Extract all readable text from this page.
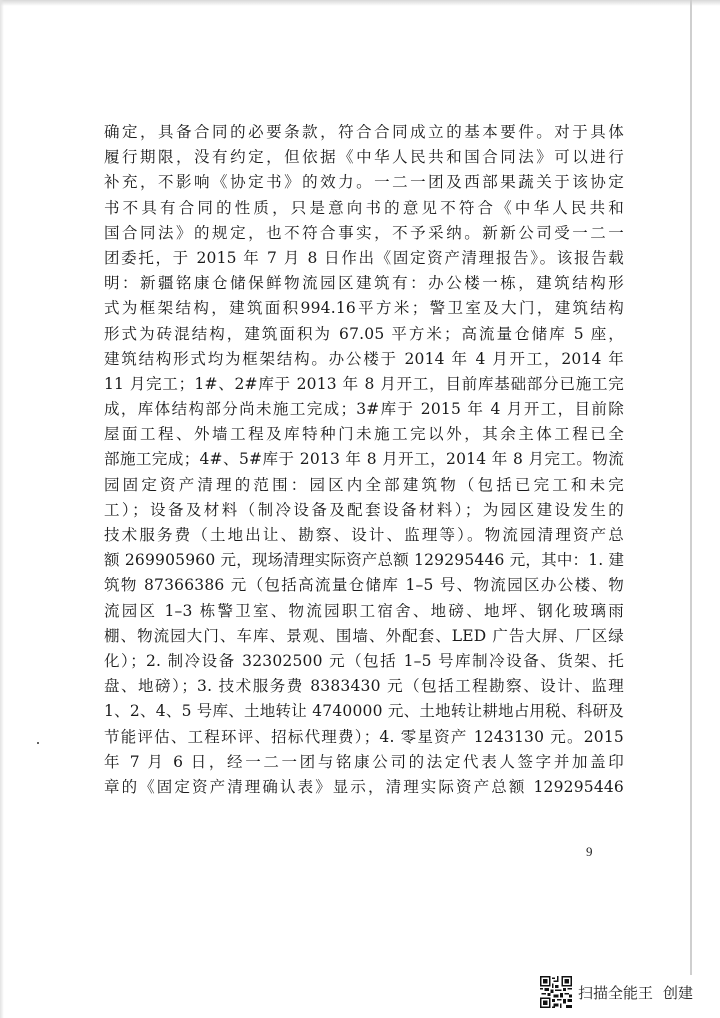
确定，具备合同的必要条款，符合合同成立的基本要件。对于具体
履行期限，没有约定，但依据《中华人民共和国合同法》可以进行
补充，不影响《协定书》的效力。一二一团及西部果蔬关于该协定
书不具有合同的性质，只是意向书的意见不符合《中华人民共和
国合同法》的规定，也不符合事实，不予采纳。新新公司受一二一
团委托，于 2015 年 7 月 8 日作出《固定资产清理报告》。该报告载
明：新疆铭康仓储保鲜物流园区建筑有：办公楼一栋，建筑结构形
式为框架结构，建筑面积994.16平方米；警卫室及大门，建筑结构
形式为砖混结构，建筑面积为 67.05 平方米；高流量仓储库 5 座，
建筑结构形式均为框架结构。办公楼于 2014 年 4 月开工，2014 年
11 月完工；1#、2#库于 2013 年 8 月开工，目前库基础部分已施工完
成，库体结构部分尚未施工完成；3#库于 2015 年 4 月开工，目前除
屋面工程、外墙工程及库特种门未施工完以外，其余主体工程已全
部施工完成；4#、5#库于 2013 年 8 月开工，2014 年 8 月完工。物流
园固定资产清理的范围：园区内全部建筑物（包括已完工和未完
工）；设备及材料（制冷设备及配套设备材料）；为园区建设发生的
技术服务费（土地出让、勘察、设计、监理等）。物流园清理资产总
额 269905960 元，现场清理实际资产总额 129295446 元，其中：1. 建
筑物 87366386 元（包括高流量仓储库 1–5 号、物流园区办公楼、物
流园区 1–3 栋警卫室、物流园职工宿舍、地磅、地坪、钢化玻璃雨
棚、物流园大门、车库、景观、围墙、外配套、LED 广告大屏、厂区绿
化）；2. 制冷设备 32302500 元（包括 1–5 号库制冷设备、货架、托
盘、地磅）；3. 技术服务费 8383430 元（包括工程勘察、设计、监理
1、2、4、5 号库、土地转让 4740000 元、土地转让耕地占用税、科研及
节能评估、工程环评、招标代理费）；4. 零星资产 1243130 元。2015
年 7 月 6 日，经一二一团与铭康公司的法定代表人签字并加盖印
章的《固定资产清理确认表》显示，清理实际资产总额 129295446
9
扫描全能王 创建
